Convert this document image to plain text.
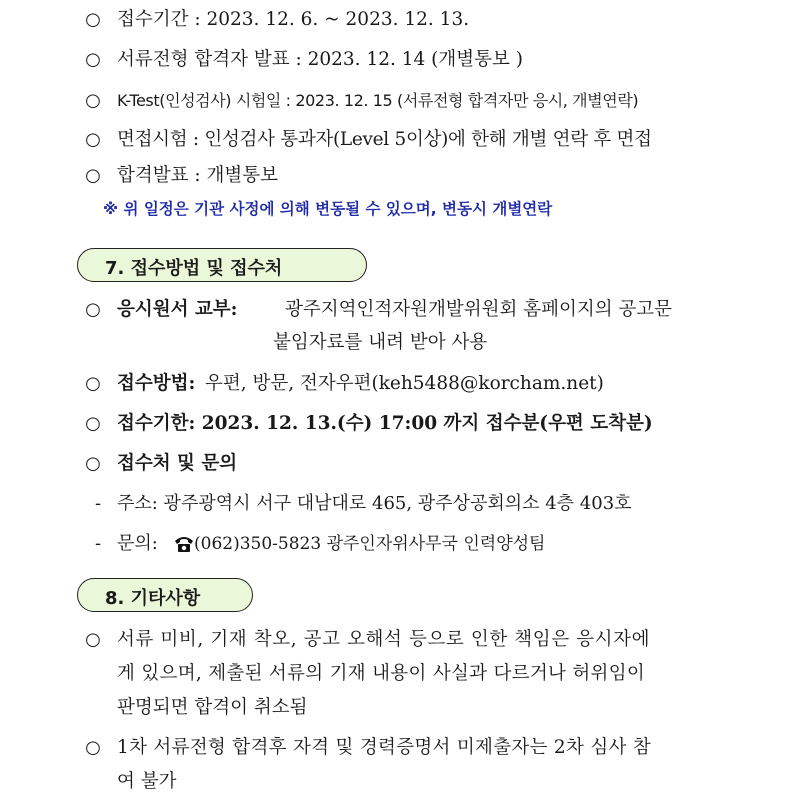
○ 접수기간 : 2023. 12. 6. ~ 2023. 12. 13.
○ 서류전형 합격자 발표 : 2023. 12. 14 (개별통보 )
○ K-Test(인성검사) 시험일 : 2023. 12. 15 (서류전형 합격자만 응시, 개별연락)
○ 면접시험 : 인성검사 통과자(Level 5이상)에 한해 개별 연락 후 면접
○ 합격발표 : 개별통보
※ 위 일정은 기관 사정에 의해 변동될 수 있으며, 변동시 개별연락
7. 접수방법 및 접수처
○ 응시원서 교부:	광주지역인적자원개발위원회 홈페이지의 공고문
붙임자료를 내려 받아 사용
○ 접수방법: 우편, 방문, 전자우편(keh5488@korcham.net)
○ 접수기한: 2023. 12. 13.(수) 17:00 까지 접수분(우편 도착분)
○ 접수처 및 문의
- 주소: 광주광역시 서구 대남대로 465, 광주상공회의소 4층 403호
- 문의: (062)350-5823 광주인자위사무국 인력양성팀
8. 기타사항
○ 서류 미비, 기재 착오, 공고 오해석 등으로 인한 책임은 응시자에
게 있으며, 제출된 서류의 기재 내용이 사실과 다르거나 허위임이
판명되면 합격이 취소됨
○ 1차 서류전형 합격후 자격 및 경력증명서 미제출자는 2차 심사 참
여 불가
